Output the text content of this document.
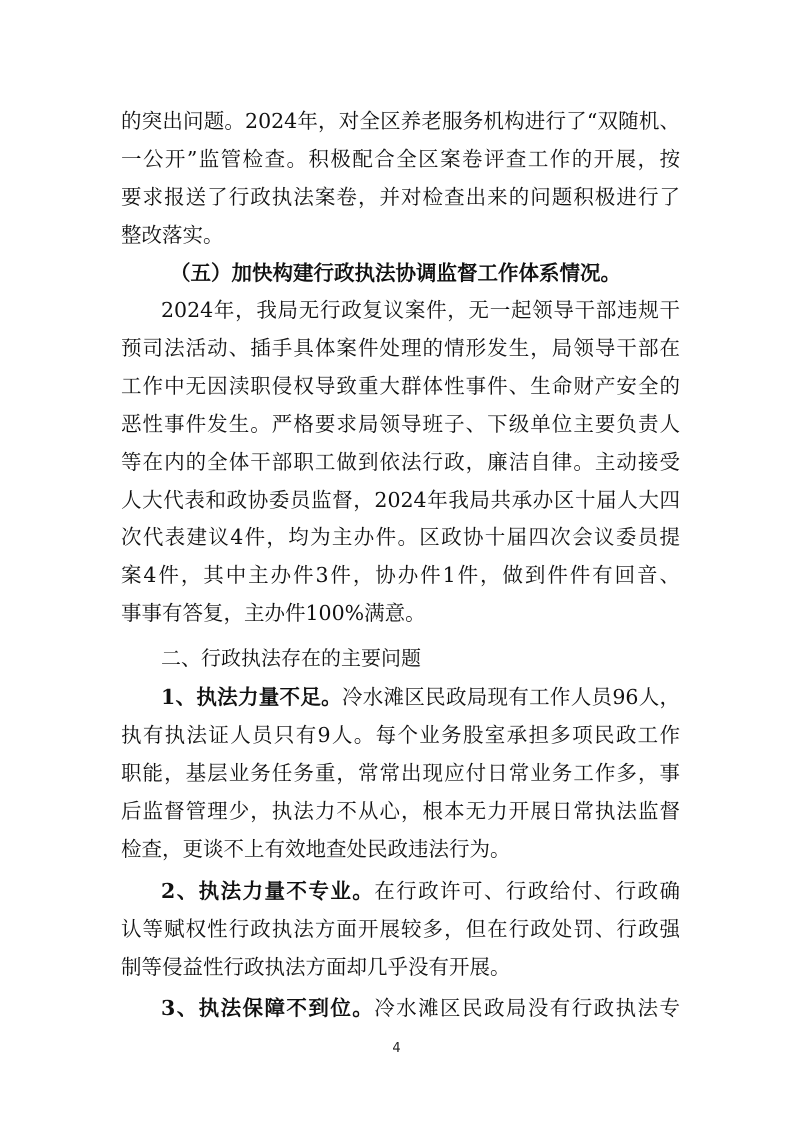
的突出问题。2024年，对全区养老服务机构进行了“双随机、
一公开”监管检查。积极配合全区案卷评查工作的开展，按
要求报送了行政执法案卷，并对检查出来的问题积极进行了
整改落实。
（五）加快构建行政执法协调监督工作体系情况。
2024年，我局无行政复议案件，无一起领导干部违规干
预司法活动、插手具体案件处理的情形发生，局领导干部在
工作中无因渎职侵权导致重大群体性事件、生命财产安全的
恶性事件发生。严格要求局领导班子、下级单位主要负责人
等在内的全体干部职工做到依法行政，廉洁自律。主动接受
人大代表和政协委员监督，2024年我局共承办区十届人大四
次代表建议4件，均为主办件。区政协十届四次会议委员提
案4件，其中主办件3件，协办件1件，做到件件有回音、
事事有答复，主办件100%满意。
二、行政执法存在的主要问题
1、执法力量不足。冷水滩区民政局现有工作人员96人，
执有执法证人员只有9人。每个业务股室承担多项民政工作
职能，基层业务任务重，常常出现应付日常业务工作多，事
后监督管理少，执法力不从心，根本无力开展日常执法监督
检查，更谈不上有效地查处民政违法行为。
2、执法力量不专业。在行政许可、行政给付、行政确
认等赋权性行政执法方面开展较多，但在行政处罚、行政强
制等侵益性行政执法方面却几乎没有开展。
3、执法保障不到位。冷水滩区民政局没有行政执法专
4
